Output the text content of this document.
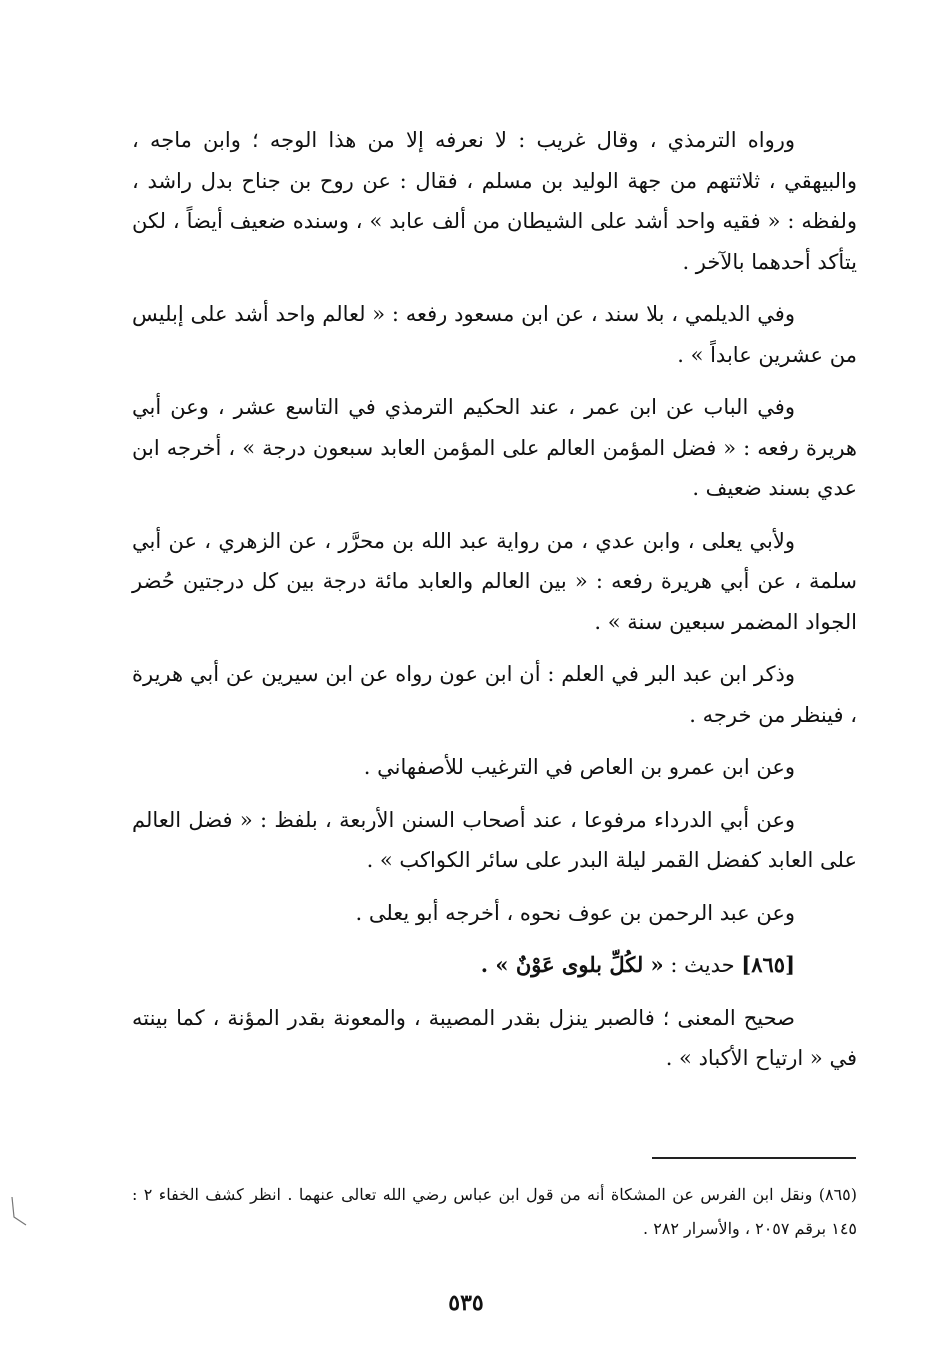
ورواه الترمذي ، وقال غريب : لا نعرفه إلا من هذا الوجه ؛ وابن ماجه ، والبيهقي ، ثلاثتهم من جهة الوليد بن مسلم ، فقال : عن روح بن جناح بدل راشد ، ولفظه : « فقيه واحد أشد على الشيطان من ألف عابد » ، وسنده ضعيف أيضاً ، لكن يتأكد أحدهما بالآخر .

وفي الديلمي ، بلا سند ، عن ابن مسعود رفعه : « لعالم واحد أشد على إبليس من عشرين عابداً » .

وفي الباب عن ابن عمر ، عند الحكيم الترمذي في التاسع عشر ، وعن أبي هريرة رفعه : « فضل المؤمن العالم على المؤمن العابد سبعون درجة » ، أخرجه ابن عدي بسند ضعيف .

ولأبي يعلى ، وابن عدي ، من رواية عبد الله بن محرَّر ، عن الزهري ، عن أبي سلمة ، عن أبي هريرة رفعه : « بين العالم والعابد مائة درجة بين كل درجتين حُضر الجواد المضمر سبعين سنة » .

وذكر ابن عبد البر في العلم : أن ابن عون رواه عن ابن سيرين عن أبي هريرة ، فينظر من خرجه .

وعن ابن عمرو بن العاص في الترغيب للأصفهاني .

وعن أبي الدرداء مرفوعا ، عند أصحاب السنن الأربعة ، بلفظ : « فضل العالم على العابد كفضل القمر ليلة البدر على سائر الكواكب » .

وعن عبد الرحمن بن عوف نحوه ، أخرجه أبو يعلى .

[٨٦٥] حديث : « لكُلِّ بلوى عَوْنٌ » .

صحيح المعنى ؛ فالصبر ينزل بقدر المصيبة ، والمعونة بقدر المؤنة ، كما بينته في « ارتياح الأكباد » .

(٨٦٥) ونقل ابن الفرس عن المشكاة أنه من قول ابن عباس رضي الله تعالى عنهما . انظر كشف الخفاء ٢ : ١٤٥ برقم ٢٠٥٧ ، والأسرار ٢٨٢ .

٥٣٥
